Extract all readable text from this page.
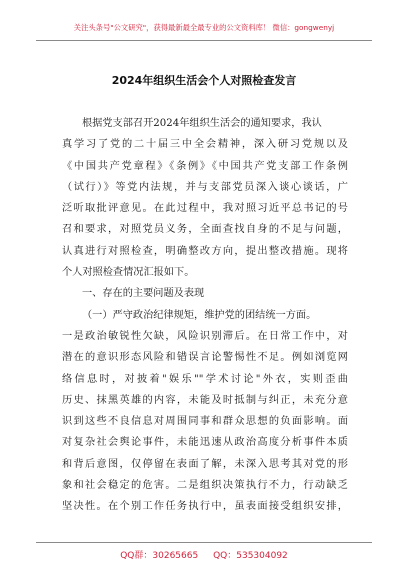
关注头条号"公文研究"，获得最新最全最专业的公文资料库！ 微信：gongwenyj
2024年组织生活会个人对照检查发言

根据党支部召开2024年组织生活会的通知要求，我认

真学习了党的二十届三中全会精神，深入研习党规以及

《中国共产党章程》《条例》《中国共产党支部工作条例

（试行）》等党内法规，并与支部党员深入谈心谈话，广

泛听取批评意见。在此过程中，我对照习近平总书记的号

召和要求，对照党员义务，全面查找自身的不足与问题，

认真进行对照检查，明确整改方向，提出整改措施。现将

个人对照检查情况汇报如下。

一、存在的主要问题及表现

（一）严守政治纪律规矩，维护党的团结统一方面。

一是政治敏锐性欠缺，风险识别滞后。在日常工作中，对

潜在的意识形态风险和错误言论警惕性不足。例如浏览网

络信息时，对披着"娱乐""学术讨论"外衣，实则歪曲

历史、抹黑英雄的内容，未能及时抵制与纠正，未充分意

识到这些不良信息对周围同事和群众思想的负面影响。面

对复杂社会舆论事件，未能迅速从政治高度分析事件本质

和背后意图，仅停留在表面了解，未深入思考其对党的形

象和社会稳定的危害。二是组织决策执行不力，行动缺乏

坚决性。在个别工作任务执行中，虽表面接受组织安排，

QQ群：30265665 QQ：535304092
